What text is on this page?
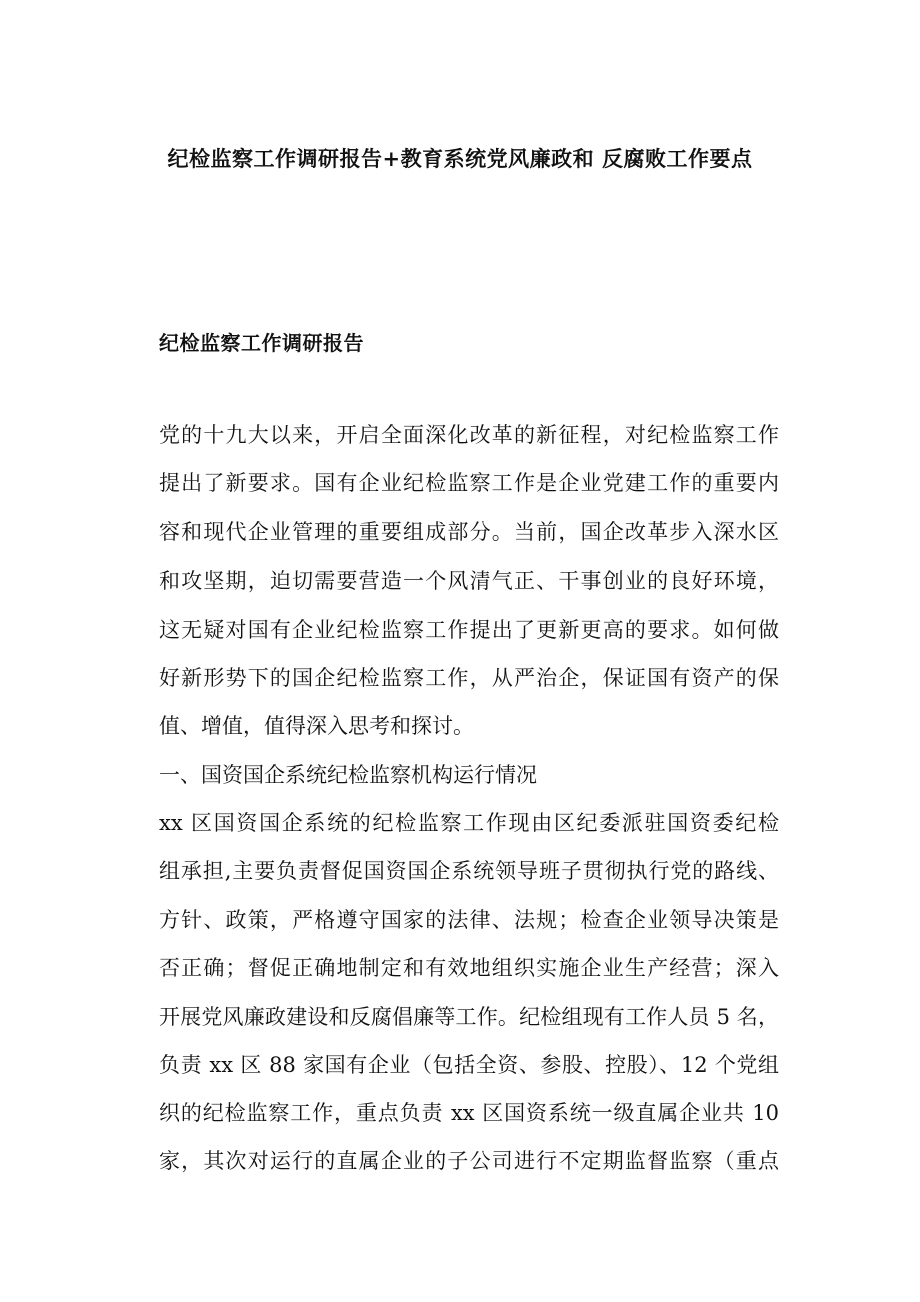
纪检监察工作调研报告+教育系统党风廉政和 反腐败工作要点
纪检监察工作调研报告
党的十九大以来，开启全面深化改革的新征程，对纪检监察工作
提出了新要求。国有企业纪检监察工作是企业党建工作的重要内
容和现代企业管理的重要组成部分。当前，国企改革步入深水区
和攻坚期，迫切需要营造一个风清气正、干事创业的良好环境，
这无疑对国有企业纪检监察工作提出了更新更高的要求。如何做
好新形势下的国企纪检监察工作，从严治企，保证国有资产的保
值、增值，值得深入思考和探讨。
一、国资国企系统纪检监察机构运行情况
xx 区国资国企系统的纪检监察工作现由区纪委派驻国资委纪检
组承担,主要负责督促国资国企系统领导班子贯彻执行党的路线、
方针、政策，严格遵守国家的法律、法规；检查企业领导决策是
否正确；督促正确地制定和有效地组织实施企业生产经营；深入
开展党风廉政建设和反腐倡廉等工作。纪检组现有工作人员 5 名，
负责 xx 区 88 家国有企业（包括全资、参股、控股）、12 个党组
织的纪检监察工作，重点负责 xx 区国资系统一级直属企业共 10
家，其次对运行的直属企业的子公司进行不定期监督监察（重点
